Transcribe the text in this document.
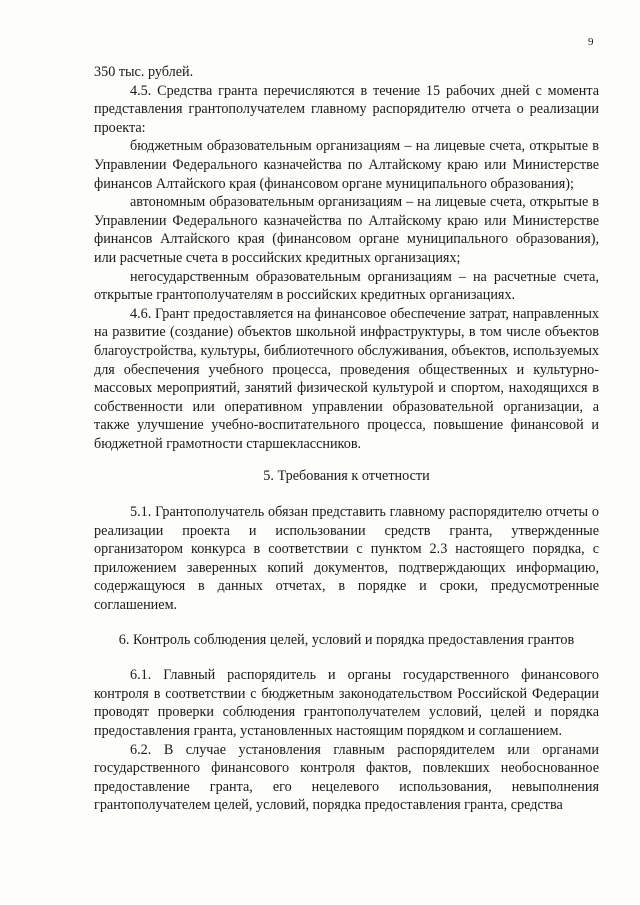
9

350 тыс. рублей.

4.5. Средства гранта перечисляются в течение 15 рабочих дней с момента представления грантополучателем главному распорядителю отчета о реализации проекта:

бюджетным образовательным организациям – на лицевые счета, открытые в Управлении Федерального казначейства по Алтайскому краю или Министерстве финансов Алтайского края (финансовом органе муниципального образования);

автономным образовательным организациям – на лицевые счета, открытые в Управлении Федерального казначейства по Алтайскому краю или Министерстве финансов Алтайского края (финансовом органе муниципального образования), или расчетные счета в российских кредитных организациях;

негосударственным образовательным организациям – на расчетные счета, открытые грантополучателям в российских кредитных организациях.

4.6. Грант предоставляется на финансовое обеспечение затрат, направленных на развитие (создание) объектов школьной инфраструктуры, в том числе объектов благоустройства, культуры, библиотечного обслуживания, объектов, используемых для обеспечения учебного процесса, проведения общественных и культурно-массовых мероприятий, занятий физической культурой и спортом, находящихся в собственности или оперативном управлении образовательной организации, а также улучшение учебно-воспитательного процесса, повышение финансовой и бюджетной грамотности старшеклассников.

5. Требования к отчетности

5.1. Грантополучатель обязан представить главному распорядителю отчеты о реализации проекта и использовании средств гранта, утвержденные организатором конкурса в соответствии с пунктом 2.3 настоящего порядка, с приложением заверенных копий документов, подтверждающих информацию, содержащуюся в данных отчетах, в порядке и сроки, предусмотренные соглашением.

6. Контроль соблюдения целей, условий и порядка предоставления грантов

6.1. Главный распорядитель и органы государственного финансового контроля в соответствии с бюджетным законодательством Российской Федерации проводят проверки соблюдения грантополучателем условий, целей и порядка предоставления гранта, установленных настоящим порядком и соглашением.

6.2. В случае установления главным распорядителем или органами государственного финансового контроля фактов, повлекших необоснованное предоставление гранта, его нецелевого использования, невыполнения грантополучателем целей, условий, порядка предоставления гранта, средства
